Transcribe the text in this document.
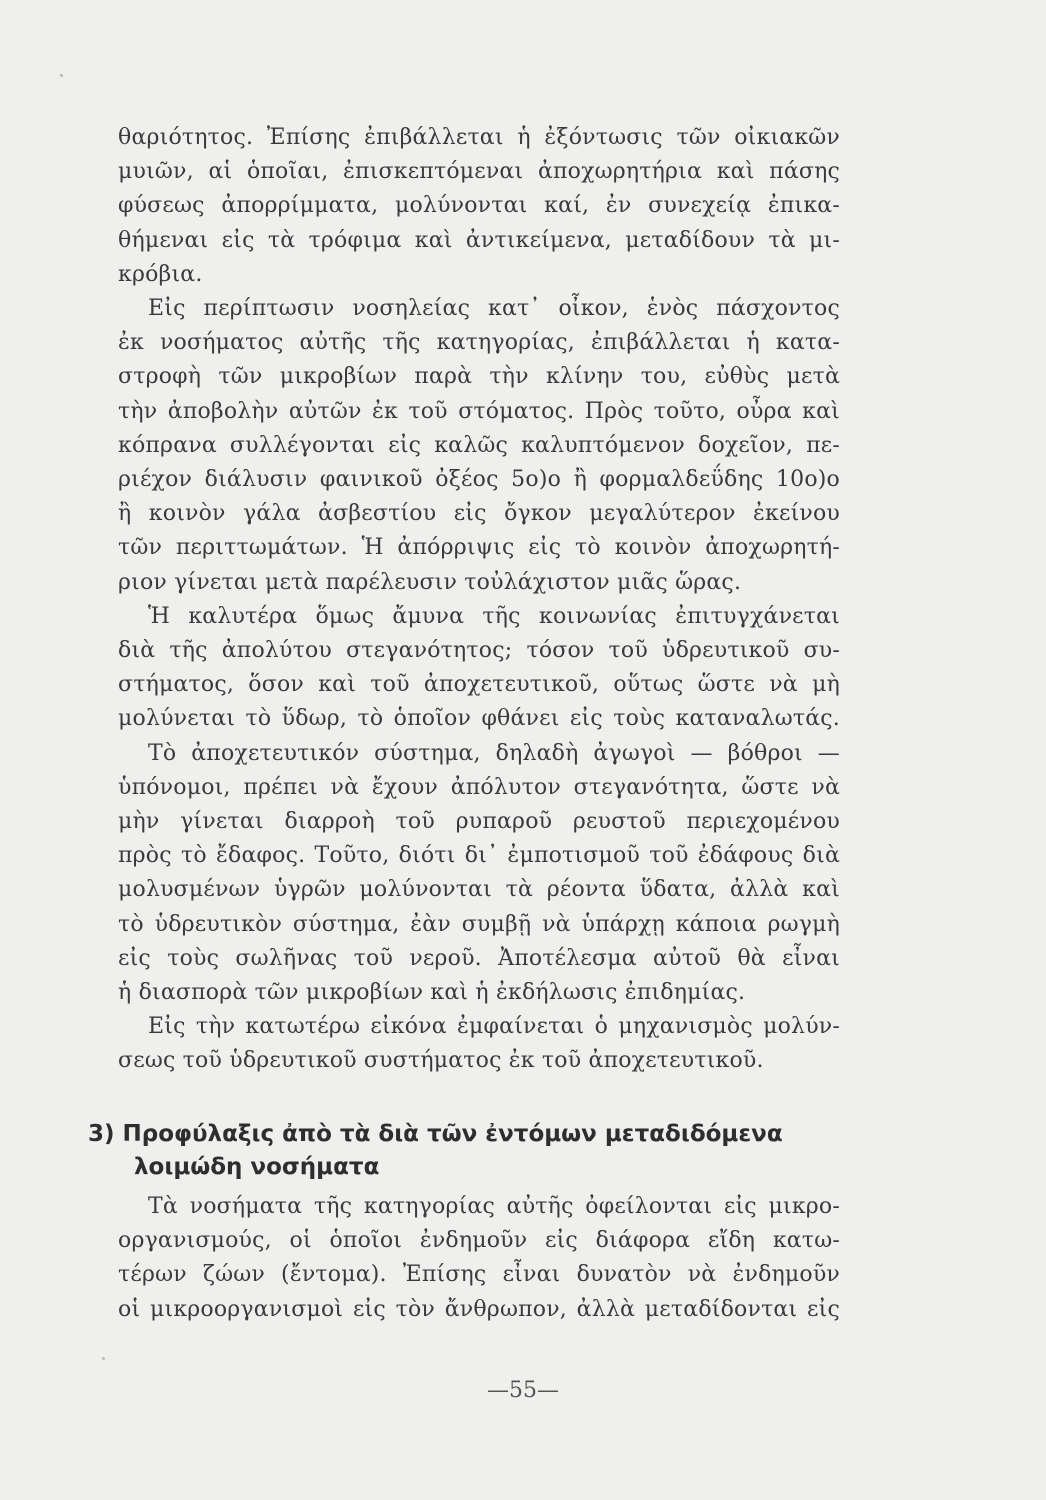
θαριότητος. Ἐπίσης ἐπιβάλλεται ἡ ἐξόντωσις τῶν οἰκιακῶν
μυιῶν, αἱ ὁποῖαι, ἐπισκεπτόμεναι ἀποχωρητήρια καὶ πάσης
φύσεως ἀπορρίμματα, μολύνονται καί, ἐν συνεχείᾳ ἐπικα-
θήμεναι εἰς τὰ τρόφιμα καὶ ἀντικείμενα, μεταδίδουν τὰ μι-
κρόβια.
Εἰς περίπτωσιν νοσηλείας κατ᾽ οἶκον, ἑνὸς πάσχοντος
ἐκ νοσήματος αὐτῆς τῆς κατηγορίας, ἐπιβάλλεται ἡ κατα-
στροφὴ τῶν μικροβίων παρὰ τὴν κλίνην του, εὐθὺς μετὰ
τὴν ἀποβολὴν αὐτῶν ἐκ τοῦ στόματος. Πρὸς τοῦτο, οὖρα καὶ
κόπρανα συλλέγονται εἰς καλῶς καλυπτόμενον δοχεῖον, πε-
ριέχον διάλυσιν φαινικοῦ ὀξέος 5ο)ο ἢ φορμαλδεΰδης 10ο)ο
ἢ κοινὸν γάλα ἀσβεστίου εἰς ὄγκον μεγαλύτερον ἐκείνου
τῶν περιττωμάτων. Ἡ ἀπόρριψις εἰς τὸ κοινὸν ἀποχωρητή-
ριον γίνεται μετὰ παρέλευσιν τοὐλάχιστον μιᾶς ὥρας.
Ἡ καλυτέρα ὅμως ἄμυνα τῆς κοινωνίας ἐπιτυγχάνεται
διὰ τῆς ἀπολύτου στεγανότητος; τόσον τοῦ ὑδρευτικοῦ συ-
στήματος, ὅσον καὶ τοῦ ἀποχετευτικοῦ, οὕτως ὥστε νὰ μὴ
μολύνεται τὸ ὕδωρ, τὸ ὁποῖον φθάνει εἰς τοὺς καταναλωτάς.
Τὸ ἀποχετευτικόν σύστημα, δηλαδὴ ἀγωγοὶ — βόθροι —
ὑπόνομοι, πρέπει νὰ ἔχουν ἀπόλυτον στεγανότητα, ὥστε νὰ
μὴν γίνεται διαρροὴ τοῦ ρυπαροῦ ρευστοῦ περιεχομένου
πρὸς τὸ ἔδαφος. Τοῦτο, διότι δι᾽ ἐμποτισμοῦ τοῦ ἐδάφους διὰ
μολυσμένων ὑγρῶν μολύνονται τὰ ρέοντα ὕδατα, ἀλλὰ καὶ
τὸ ὑδρευτικὸν σύστημα, ἐὰν συμβῇ νὰ ὑπάρχῃ κάποια ρωγμὴ
εἰς τοὺς σωλῆνας τοῦ νεροῦ. Ἀποτέλεσμα αὐτοῦ θὰ εἶναι
ἡ διασπορὰ τῶν μικροβίων καὶ ἡ ἐκδήλωσις ἐπιδημίας.
Εἰς τὴν κατωτέρω εἰκόνα ἐμφαίνεται ὁ μηχανισμὸς μολύν-
σεως τοῦ ὑδρευτικοῦ συστήματος ἐκ τοῦ ἀποχετευτικοῦ.
3) Προφύλαξις ἀπὸ τὰ διὰ τῶν ἐντόμων μεταδιδόμενα
λοιμώδη νοσήματα
Τὰ νοσήματα τῆς κατηγορίας αὐτῆς ὀφείλονται εἰς μικρο-
οργανισμούς, οἱ ὁποῖοι ἐνδημοῦν εἰς διάφορα εἴδη κατω-
τέρων ζώων (ἔντομα). Ἐπίσης εἶναι δυνατὸν νὰ ἐνδημοῦν
οἱ μικροοργανισμοὶ εἰς τὸν ἄνθρωπον, ἀλλὰ μεταδίδονται εἰς
—55—
